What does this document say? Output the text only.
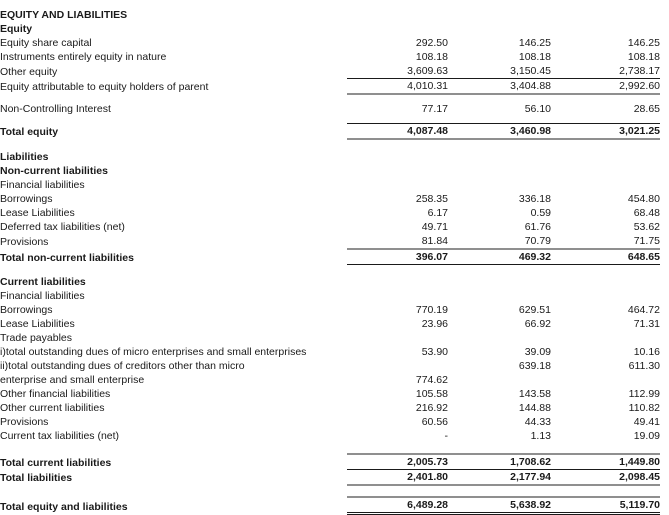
EQUITY AND LIABILITIES				
Equity				
Equity share capital	292.50	146.25	146.25	
Instruments entirely equity in nature	108.18	108.18	108.18	
Other equity	3,609.63	3,150.45	2,738.17	
Equity attributable to equity holders of parent	4,010.31	3,404.88	2,992.60	

Non-Controlling Interest	77.17	56.10	28.65	

Total equity	4,087.48	3,460.98	3,021.25	

Liabilities				
Non-current liabilities				
Financial liabilities				
Borrowings	258.35	336.18	454.80	
Lease Liabilities	6.17	0.59	68.48	
Deferred tax liabilities (net)	49.71	61.76	53.62	
Provisions	81.84	70.79	71.75	
Total non-current liabilities	396.07	469.32	648.65	

Current liabilities				
Financial liabilities				
Borrowings	770.19	629.51	464.72	
Lease Liabilities	23.96	66.92	71.31	
Trade payables				
i)total outstanding dues of micro enterprises and small enterprises	53.90	39.09	10.16	
ii)total outstanding dues of creditors other than micro		639.18	611.30	
enterprise and small enterprise	774.62			
Other financial liabilities	105.58	143.58	112.99	
Other current liabilities	216.92	144.88	110.82	
Provisions	60.56	44.33	49.41	
Current tax liabilities (net)	-	1.13	19.09	

Total current liabilities	2,005.73	1,708.62	1,449.80	
Total liabilities	2,401.80	2,177.94	2,098.45	

Total equity and liabilities	6,489.28	5,638.92	5,119.70	
